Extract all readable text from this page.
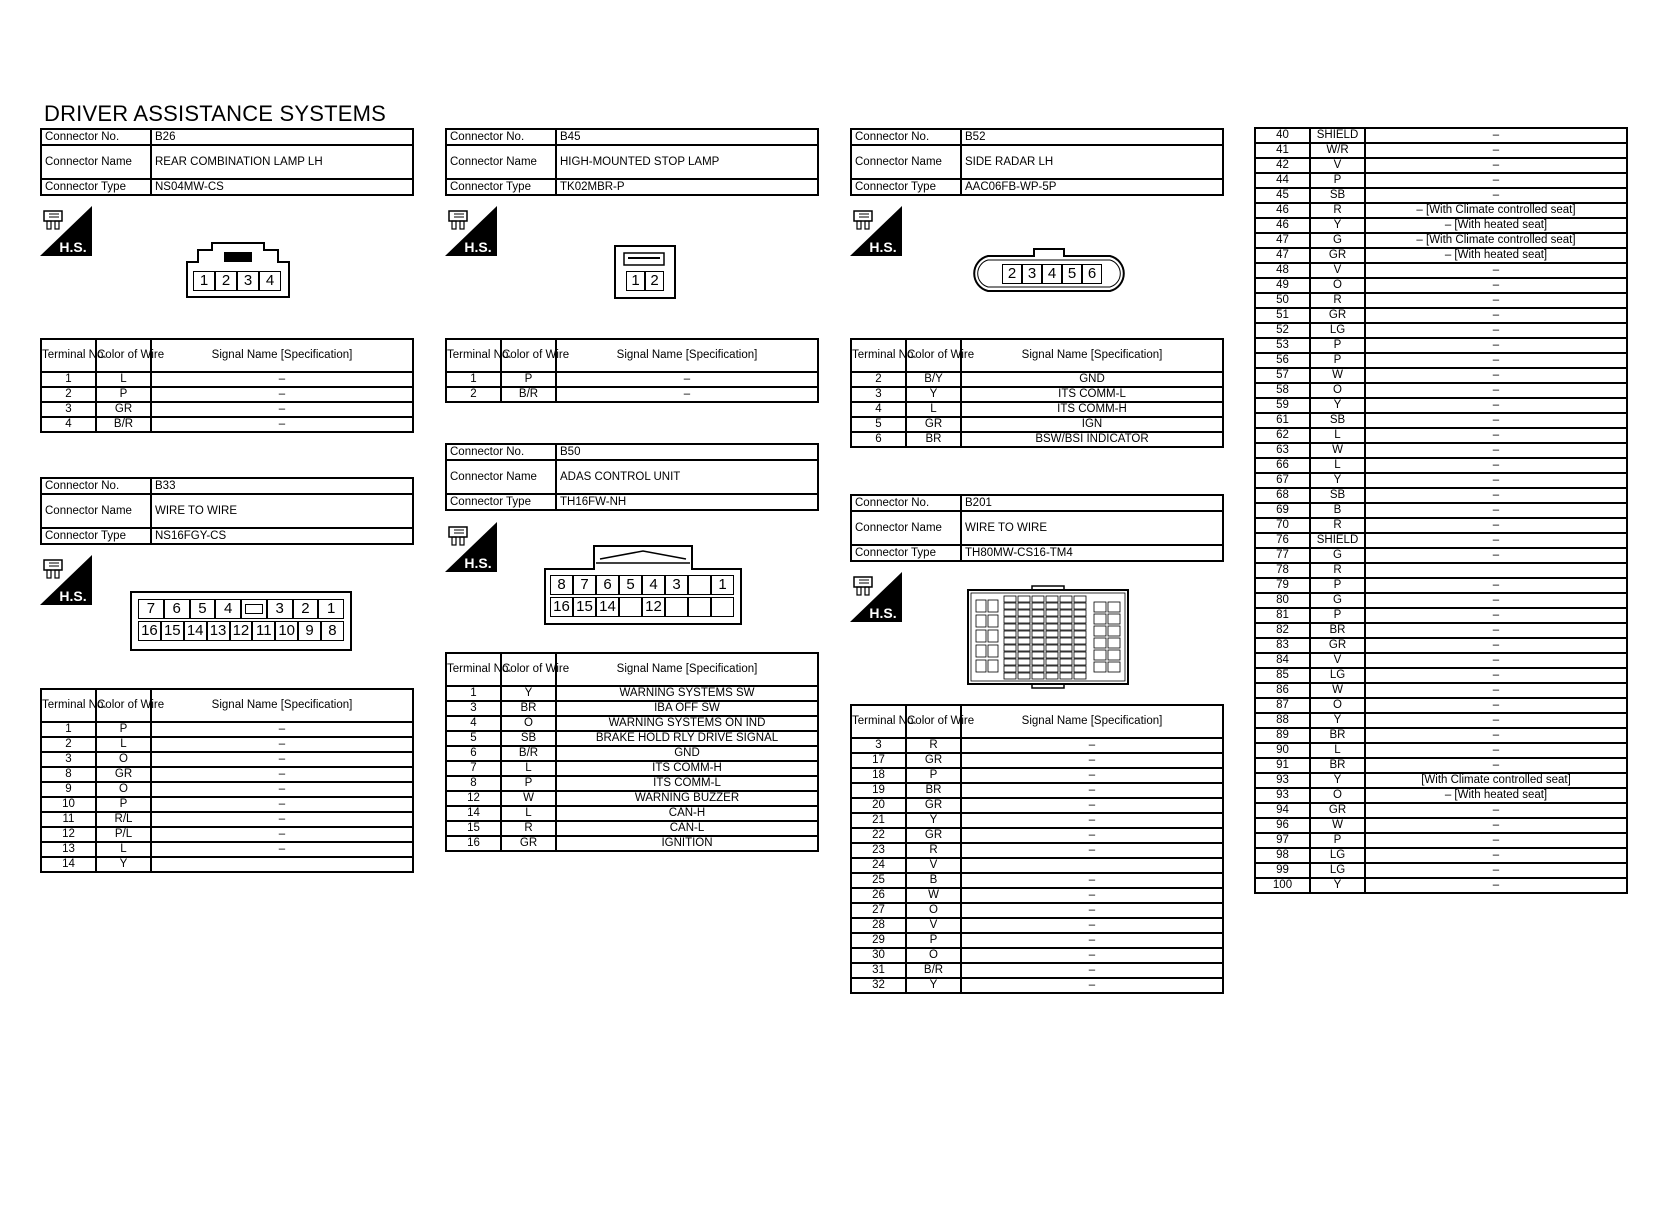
DRIVER ASSISTANCE SYSTEMS
Connector No.	B26
Connector Name	REAR COMBINATION LAMP LH
Connector Type	NS04MW-CS
H.S.
1 2 3 4
Terminal No.	Color of Wire	Signal Name [Specification]
1	L	–
2	P	–
3	GR	–
4	B/R	–
Connector No.	B33
Connector Name	WIRE TO WIRE
Connector Type	NS16FGY-CS
H.S.
7	6	5	4	3	2	1
16 15 14 13 12 11 10 9 8
Terminal No.	Color of Wire	Signal Name [Specification]
1	P	–
2	L	–
3	O	–
8	GR	–
9	O	–
10	P	–
11	R/L	–
12	P/L	–
13	L	–
14	Y	
Connector No.	B45
Connector Name	HIGH-MOUNTED STOP LAMP
Connector Type	TK02MBR-P
H.S.
1 2
Terminal No.	Color of Wire	Signal Name [Specification]
1	P	–
2	B/R	–
Connector No.	B50
Connector Name	ADAS CONTROL UNIT
Connector Type	TH16FW-NH
H.S.
8 7 6 5 4 3	1
16 15 14 12
Terminal No.	Color of Wire	Signal Name [Specification]
1	Y	WARNING SYSTEMS SW
3	BR	IBA OFF SW
4	O	WARNING SYSTEMS ON IND
5	SB	BRAKE HOLD RLY DRIVE SIGNAL
6	B/R	GND
7	L	ITS COMM-H
8	P	ITS COMM-L
12	W	WARNING BUZZER
14	L	CAN-H
15	R	CAN-L
16	GR	IGNITION
Connector No.	B52
Connector Name	SIDE RADAR LH
Connector Type	AAC06FB-WP-5P
H.S.
2 3 4 5 6
Terminal No.	Color of Wire	Signal Name [Specification]
2	B/Y	GND
3	Y	ITS COMM-L
4	L	ITS COMM-H
5	GR	IGN
6	BR	BSW/BSI INDICATOR
Connector No.	B201
Connector Name	WIRE TO WIRE
Connector Type	TH80MW-CS16-TM4
H.S.
Terminal No.	Color of Wire	Signal Name [Specification]
3	R	–
17	GR	–
18	P	–
19	BR	–
20	GR	–
21	Y	–
22	GR	–
23	R	–
24	V	
25	B	–
26	W	–
27	O	–
28	V	–
29	P	–
30	O	–
31	B/R	–
32	Y	–
40	SHIELD	–
41	W/R	–
42	V	–
44	P	–
45	SB	–
46	R	– [With Climate controlled seat]
46	Y	– [With heated seat]
47	G	– [With Climate controlled seat]
47	GR	– [With heated seat]
48	V	–
49	O	–
50	R	–
51	GR	–
52	LG	–
53	P	–
56	P	–
57	W	–
58	O	–
59	Y	–
61	SB	–
62	L	–
63	W	–
66	L	–
67	Y	–
68	SB	–
69	B	–
70	R	–
76	SHIELD	–
77	G	–
78	R	
79	P	–
80	G	–
81	P	–
82	BR	–
83	GR	–
84	V	–
85	LG	–
86	W	–
87	O	–
88	Y	–
89	BR	–
90	L	–
91	BR	–
93	Y	[With Climate controlled seat]
93	O	– [With heated seat]
94	GR	–
96	W	–
97	P	–
98	LG	–
99	LG	–
100	Y	–
